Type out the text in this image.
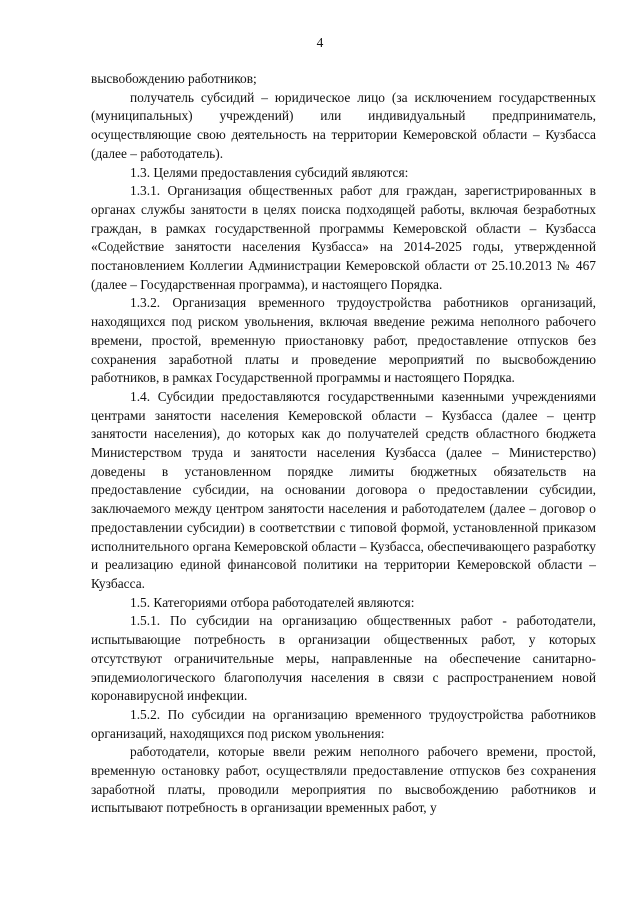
4

высвобождению работников;

получатель субсидий – юридическое лицо (за исключением государственных (муниципальных) учреждений) или индивидуальный предприниматель, осуществляющие свою деятельность на территории Кемеровской области – Кузбасса (далее – работодатель).

1.3. Целями предоставления субсидий являются:

1.3.1. Организация общественных работ для граждан, зарегистрированных в органах службы занятости в целях поиска подходящей работы, включая безработных граждан, в рамках государственной программы Кемеровской области – Кузбасса «Содействие занятости населения Кузбасса» на 2014-2025 годы, утвержденной постановлением Коллегии Администрации Кемеровской области от 25.10.2013 № 467 (далее – Государственная программа), и настоящего Порядка.

1.3.2. Организация временного трудоустройства работников организаций, находящихся под риском увольнения, включая введение режима неполного рабочего времени, простой, временную приостановку работ, предоставление отпусков без сохранения заработной платы и проведение мероприятий по высвобождению работников, в рамках Государственной программы и настоящего Порядка.

1.4. Субсидии предоставляются государственными казенными учреждениями центрами занятости населения Кемеровской области – Кузбасса (далее – центр занятости населения), до которых как до получателей средств областного бюджета Министерством труда и занятости населения Кузбасса (далее – Министерство) доведены в установленном порядке лимиты бюджетных обязательств на предоставление субсидии, на основании договора о предоставлении субсидии, заключаемого между центром занятости населения и работодателем (далее – договор о предоставлении субсидии) в соответствии с типовой формой, установленной приказом исполнительного органа Кемеровской области – Кузбасса, обеспечивающего разработку и реализацию единой финансовой политики на территории Кемеровской области – Кузбасса.

1.5. Категориями отбора работодателей являются:

1.5.1. По субсидии на организацию общественных работ - работодатели, испытывающие потребность в организации общественных работ, у которых отсутствуют ограничительные меры, направленные на обеспечение санитарно-эпидемиологического благополучия населения в связи с распространением новой коронавирусной инфекции.

1.5.2. По субсидии на организацию временного трудоустройства работников организаций, находящихся под риском увольнения:

работодатели, которые ввели режим неполного рабочего времени, простой, временную остановку работ, осуществляли предоставление отпусков без сохранения заработной платы, проводили мероприятия по высвобождению работников и испытывают потребность в организации временных работ, у
